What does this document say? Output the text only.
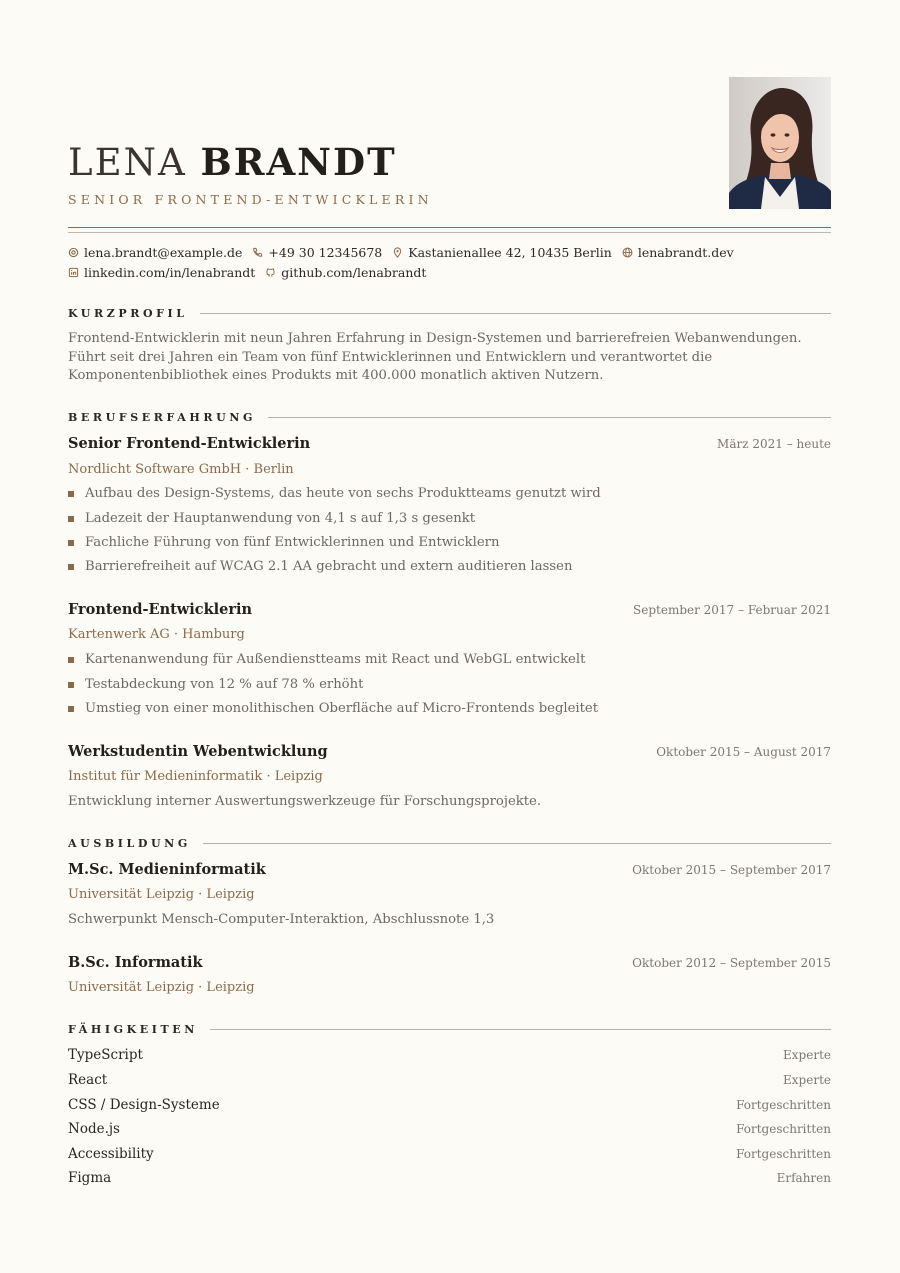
LENA BRANDT
SENIOR FRONTEND-ENTWICKLERIN
lena.brandt@example.de +49 30 12345678 Kastanienallee 42, 10435 Berlin lenabrandt.dev
linkedin.com/in/lenabrandt github.com/lenabrandt
KURZPROFIL
Frontend-Entwicklerin mit neun Jahren Erfahrung in Design-Systemen und barrierefreien Webanwendungen. Führt seit drei Jahren ein Team von fünf Entwicklerinnen und Entwicklern und verantwortet die Komponentenbibliothek eines Produkts mit 400.000 monatlich aktiven Nutzern.
BERUFSERFAHRUNG
Senior Frontend-Entwicklerin	März 2021 – heute
Nordlicht Software GmbH · Berlin
Aufbau des Design-Systems, das heute von sechs Produktteams genutzt wird
Ladezeit der Hauptanwendung von 4,1 s auf 1,3 s gesenkt
Fachliche Führung von fünf Entwicklerinnen und Entwicklern
Barrierefreiheit auf WCAG 2.1 AA gebracht und extern auditieren lassen
Frontend-Entwicklerin	September 2017 – Februar 2021
Kartenwerk AG · Hamburg
Kartenanwendung für Außendienstteams mit React und WebGL entwickelt
Testabdeckung von 12 % auf 78 % erhöht
Umstieg von einer monolithischen Oberfläche auf Micro-Frontends begleitet
Werkstudentin Webentwicklung	Oktober 2015 – August 2017
Institut für Medieninformatik · Leipzig
Entwicklung interner Auswertungswerkzeuge für Forschungsprojekte.
AUSBILDUNG
M.Sc. Medieninformatik	Oktober 2015 – September 2017
Universität Leipzig · Leipzig
Schwerpunkt Mensch-Computer-Interaktion, Abschlussnote 1,3
B.Sc. Informatik	Oktober 2012 – September 2015
Universität Leipzig · Leipzig
FÄHIGKEITEN
TypeScript	Experte
React	Experte
CSS / Design-Systeme	Fortgeschritten
Node.js	Fortgeschritten
Accessibility	Fortgeschritten
Figma	Erfahren
